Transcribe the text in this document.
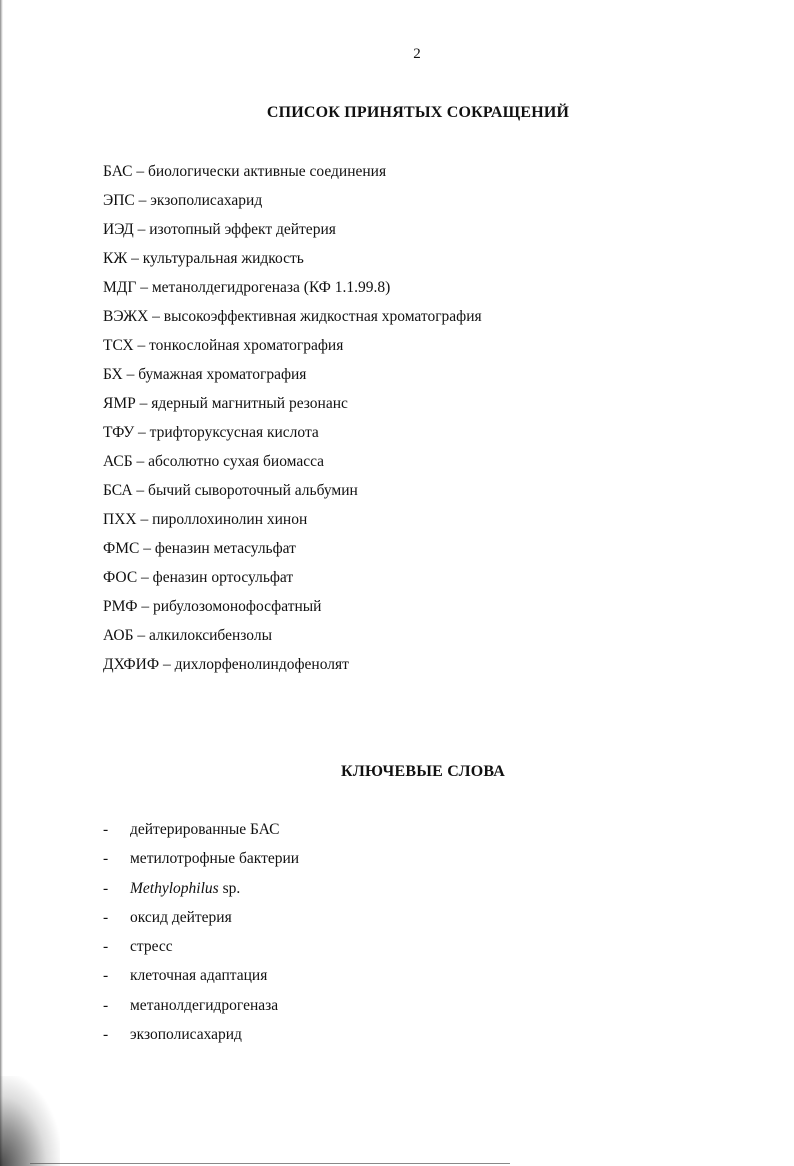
2
СПИСОК ПРИНЯТЫХ СОКРАЩЕНИЙ
БАС – биологически активные соединения
ЭПС – экзополисахарид
ИЭД – изотопный эффект дейтерия
КЖ – культуральная жидкость
МДГ – метанолдегидрогеназа (КФ 1.1.99.8)
ВЭЖХ – высокоэффективная жидкостная хроматография
ТСХ – тонкослойная хроматография
БХ – бумажная хроматография
ЯМР – ядерный магнитный резонанс
ТФУ – трифторуксусная кислота
АСБ – абсолютно сухая биомасса
БСА – бычий сывороточный альбумин
ПХХ – пироллохинолин хинон
ФМС – феназин метасульфат
ФОС – феназин ортосульфат
РМФ – рибулозомонофосфатный
АОБ – алкилоксибензолы
ДХФИФ – дихлорфенолиндофенолят
КЛЮЧЕВЫЕ СЛОВА
- дейтерированные БАС
- метилотрофные бактерии
- Methylophilus sp.
- оксид дейтерия
- стресс
- клеточная адаптация
- метанолдегидрогеназа
- экзополисахарид
